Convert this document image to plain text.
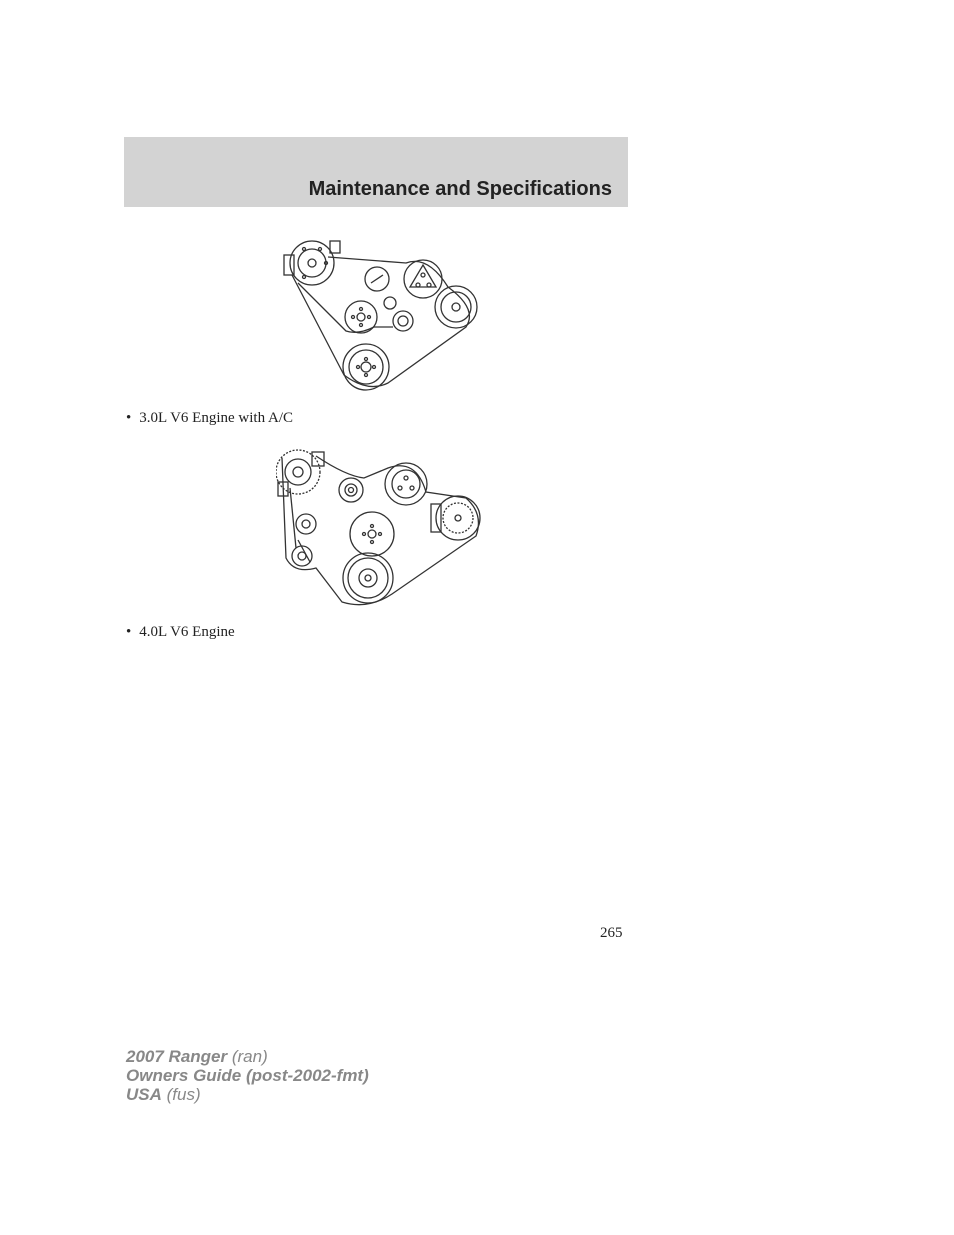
Maintenance and Specifications
• 3.0L V6 Engine with A/C
• 4.0L V6 Engine
265
2007 Ranger (ran)
Owners Guide (post-2002-fmt)
USA (fus)
